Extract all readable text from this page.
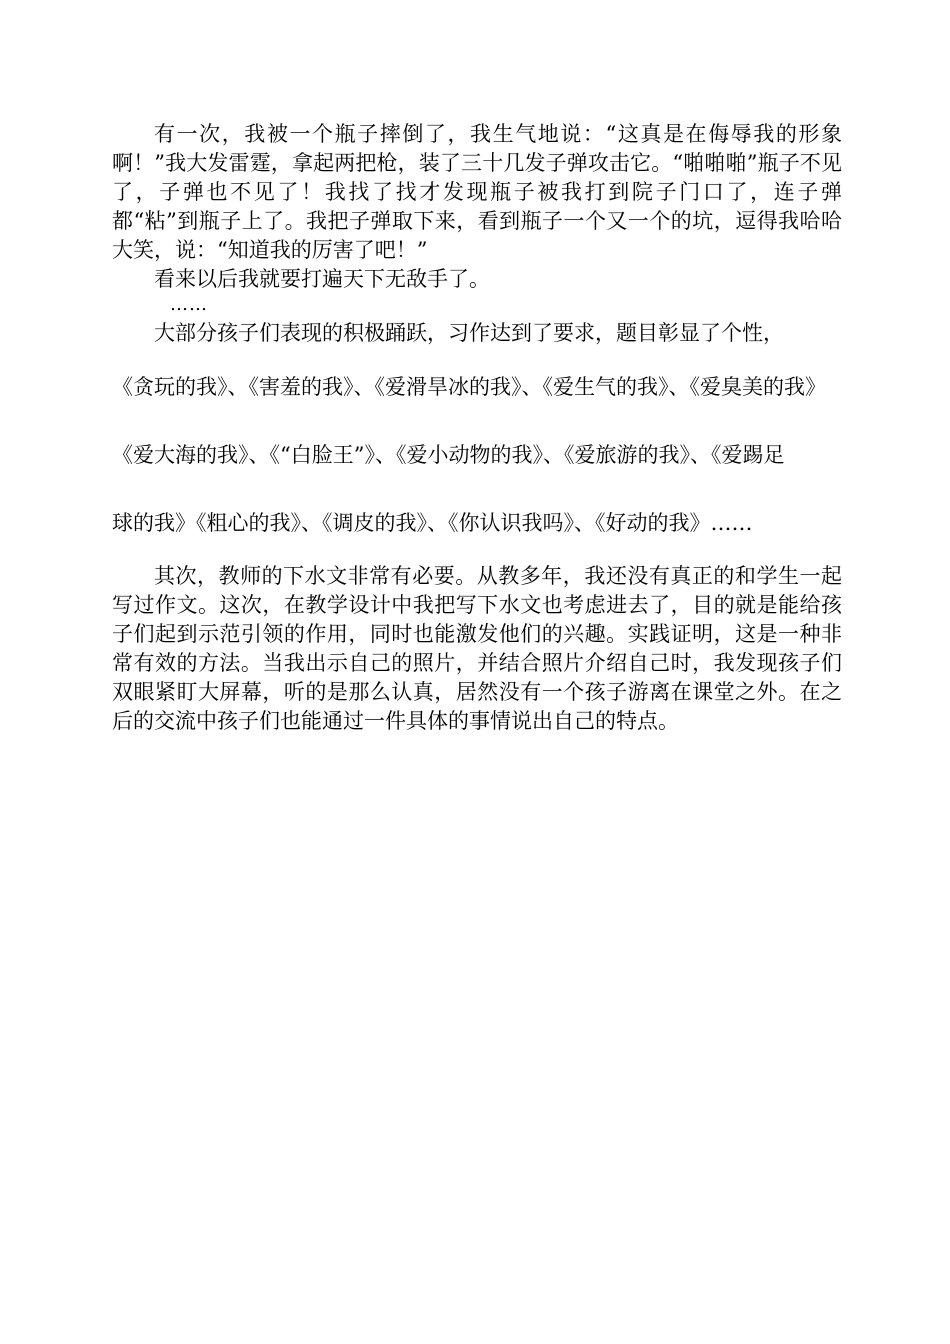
有一次，我被一个瓶子摔倒了，我生气地说：“这真是在侮辱我的形象啊！”我大发雷霆，拿起两把枪，装了三十几发子弹攻击它。“啪啪啪”瓶子不见了，子弹也不见了！我找了找才发现瓶子被我打到院子门口了，连子弹都“粘”到瓶子上了。我把子弹取下来，看到瓶子一个又一个的坑，逗得我哈哈大笑，说：“知道我的厉害了吧！”

看来以后我就要打遍天下无敌手了。

……

大部分孩子们表现的积极踊跃，习作达到了要求，题目彰显了个性，

《贪玩的我》、《害羞的我》、《爱滑旱冰的我》、《爱生气的我》、《爱臭美的我》

《爱大海的我》、《“白脸王”》、《爱小动物的我》、《爱旅游的我》、《爱踢足

球的我》《粗心的我》、《调皮的我》、《你认识我吗》、《好动的我》……

其次，教师的下水文非常有必要。从教多年，我还没有真正的和学生一起写过作文。这次，在教学设计中我把写下水文也考虑进去了，目的就是能给孩子们起到示范引领的作用，同时也能激发他们的兴趣。实践证明，这是一种非常有效的方法。当我出示自己的照片，并结合照片介绍自己时，我发现孩子们双眼紧盯大屏幕，听的是那么认真，居然没有一个孩子游离在课堂之外。在之后的交流中孩子们也能通过一件具体的事情说出自己的特点。
